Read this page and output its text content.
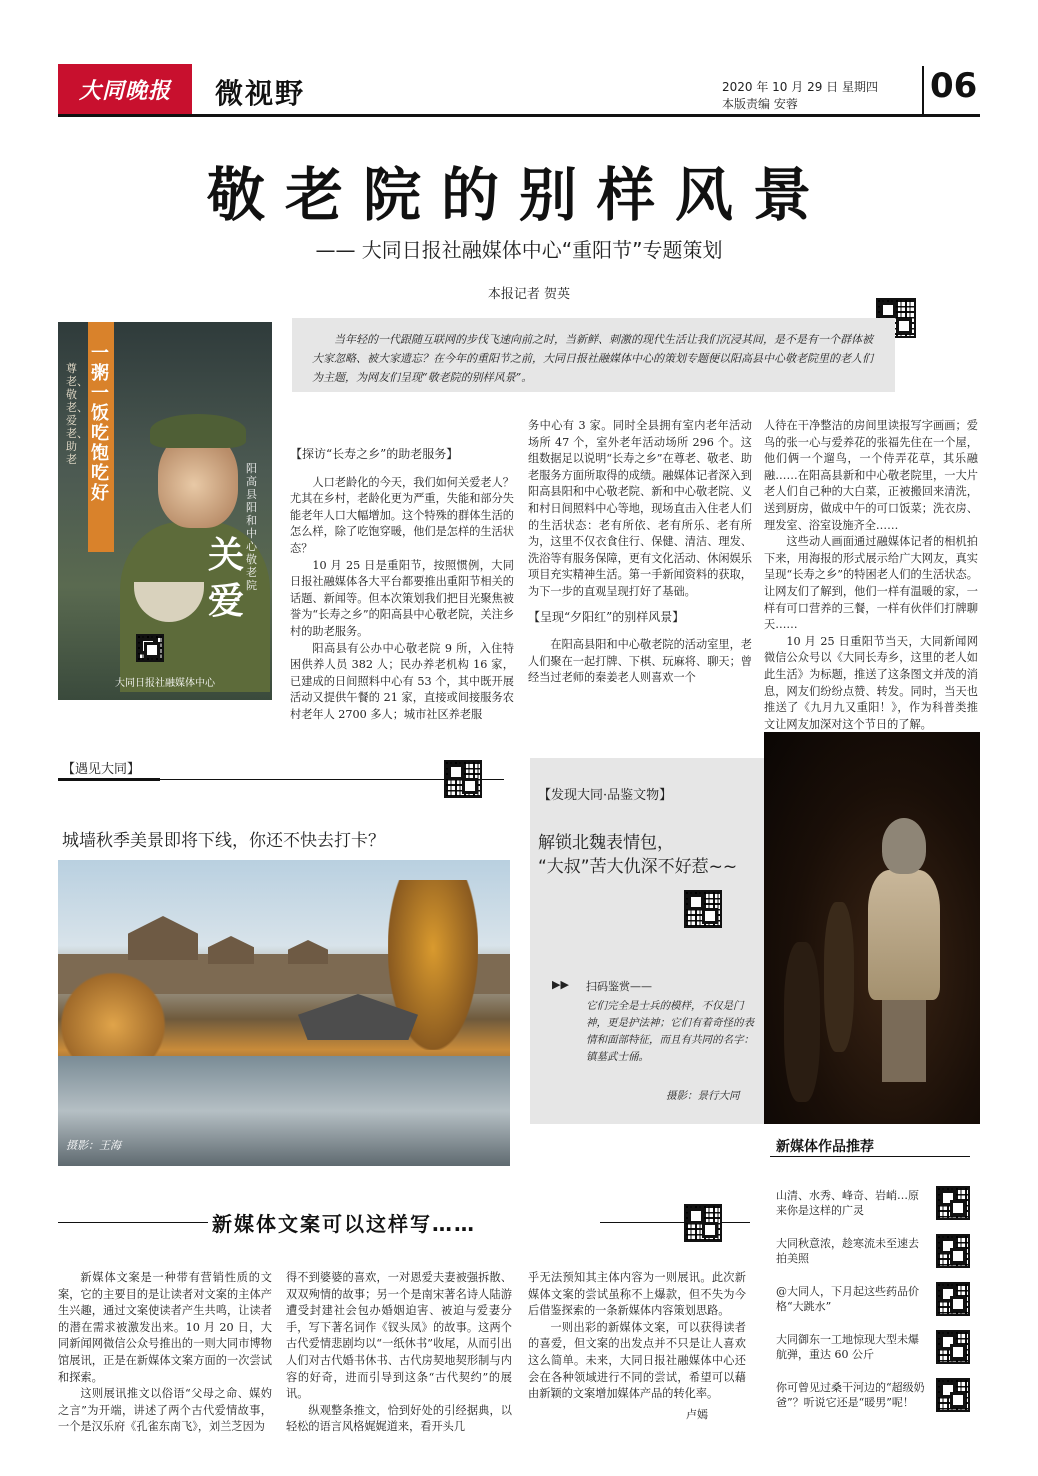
大同晚报	微视野	2020 年 10 月 29 日 星期四
本版责编 安蓉	06
敬老院的别样风景
—— 大同日报社融媒体中心“重阳节”专题策划
本报记者 贺英
当年轻的一代跟随互联网的步伐飞速向前之时，当新鲜、刺激的现代生活让我们沉浸其间，是不是有一个群体被大家忽略、被大家遗忘？在今年的重阳节之前，大同日报社融媒体中心的策划专题便以阳高县中心敬老院里的老人们为主题，为网友们呈现“敬老院的别样风景”。
一粥一饭吃饱吃好
尊老、敬老、爱老、助老
阳高县阳和中心敬老院
关爱
大同日报社融媒体中心

【探访“长寿之乡”的助老服务】

人口老龄化的今天，我们如何关爱老人？尤其在乡村，老龄化更为严重，失能和部分失能老年人口大幅增加。这个特殊的群体生活的怎么样，除了吃饱穿暖，他们是怎样的生活状态？

10 月 25 日是重阳节，按照惯例，大同日报社融媒体各大平台都要推出重阳节相关的话题、新闻等。但本次策划我们把目光聚焦被誉为“长寿之乡”的阳高县中心敬老院，关注乡村的助老服务。

阳高县有公办中心敬老院 9 所，入住特困供养人员 382 人；民办养老机构 16 家，已建成的日间照料中心有 53 个，其中既开展活动又提供午餐的 21 家，直接或间接服务农村老年人 2700 多人；城市社区养老服

务中心有 3 家。同时全县拥有室内老年活动场所 47 个，室外老年活动场所 296 个。这组数据足以说明“长寿之乡”在尊老、敬老、助老服务方面所取得的成绩。融媒体记者深入到阳高县阳和中心敬老院、新和中心敬老院、义和村日间照料中心等地，现场直击入住老人们的生活状态：老有所依、老有所乐、老有所为，这里不仅衣食住行、保健、清洁、理发、洗浴等有服务保障，更有文化活动、休闲娱乐项目充实精神生活。第一手新闻资料的获取，为下一步的直观呈现打好了基础。

【呈现“夕阳红”的别样风景】

在阳高县阳和中心敬老院的活动室里，老人们聚在一起打牌、下棋、玩麻将、聊天；曾经当过老师的秦姜老人则喜欢一个

人待在干净整洁的房间里读报写字画画；爱鸟的张一心与爱养花的张福先住在一个屋，他们俩一个遛鸟，一个侍弄花草，其乐融融……在阳高县新和中心敬老院里，一大片老人们自己种的大白菜，正被搬回来清洗，送到厨房，做成中午的可口饭菜；洗衣房、理发室、浴室设施齐全……

这些动人画面通过融媒体记者的相机拍下来，用海报的形式展示给广大网友，真实呈现“长寿之乡”的特困老人们的生活状态。让网友们了解到，他们一样有温暖的家，一样有可口营养的三餐，一样有伙伴们打牌聊天……

10 月 25 日重阳节当天，大同新闻网微信公众号以《大同长寿乡，这里的老人如此生活》为标题，推送了这条图文并茂的消息，网友们纷纷点赞、转发。同时，当天也推送了《九月九又重阳！》，作为科普类推文让网友加深对这个节日的了解。

【遇见大同】
城墙秋季美景即将下线，你还不快去打卡？
摄影：王海
【发现大同·品鉴文物】
解锁北魏表情包，
“大叔”苦大仇深不好惹~~
▶▶ 扫码鉴赏——
它们完全是士兵的模样，不仅是门神，更是护法神；它们有着奇怪的表情和面部特征，而且有共同的名字：镇墓武士俑。
摄影：景行大同
新媒体作品推荐
山清、水秀、峰奇、岩峭…原来你是这样的广灵
大同秋意浓，趁寒流未至速去拍美照
@大同人，下月起这些药品价格“大跳水”
大同御东一工地惊现大型未爆航弹，重达 60 公斤
你可曾见过桑干河边的“超级奶爸”？听说它还是“暖男”呢！
新媒体文案可以这样写……

新媒体文案是一种带有营销性质的文案，它的主要目的是让读者对文案的主体产生兴趣，通过文案使读者产生共鸣，让读者的潜在需求被激发出来。10 月 20 日，大同新闻网微信公众号推出的一则大同市博物馆展讯，正是在新媒体文案方面的一次尝试和探索。

这则展讯推文以俗语“父母之命、媒妁之言”为开端，讲述了两个古代爱情故事，一个是汉乐府《孔雀东南飞》，刘兰芝因为

得不到婆婆的喜欢，一对恩爱夫妻被强拆散、双双殉情的故事；另一个是南宋著名诗人陆游遭受封建社会包办婚姻迫害、被迫与爱妻分手，写下著名词作《钗头凤》的故事。这两个古代爱情悲剧均以“一纸休书”收尾，从而引出人们对古代婚书休书、古代房契地契形制与内容的好奇，进而引导到这条“古代契约”的展讯。

纵观整条推文，恰到好处的引经据典，以轻松的语言风格娓娓道来，看开头几

乎无法预知其主体内容为一则展讯。此次新媒体文案的尝试虽称不上爆款，但不失为今后借鉴探索的一条新媒体内容策划思路。

一则出彩的新媒体文案，可以获得读者的喜爱，但文案的出发点并不只是让人喜欢这么简单。未来，大同日报社融媒体中心还会在各种领域进行不同的尝试，希望可以藉由新颖的文案增加媒体产品的转化率。

卢嫣
